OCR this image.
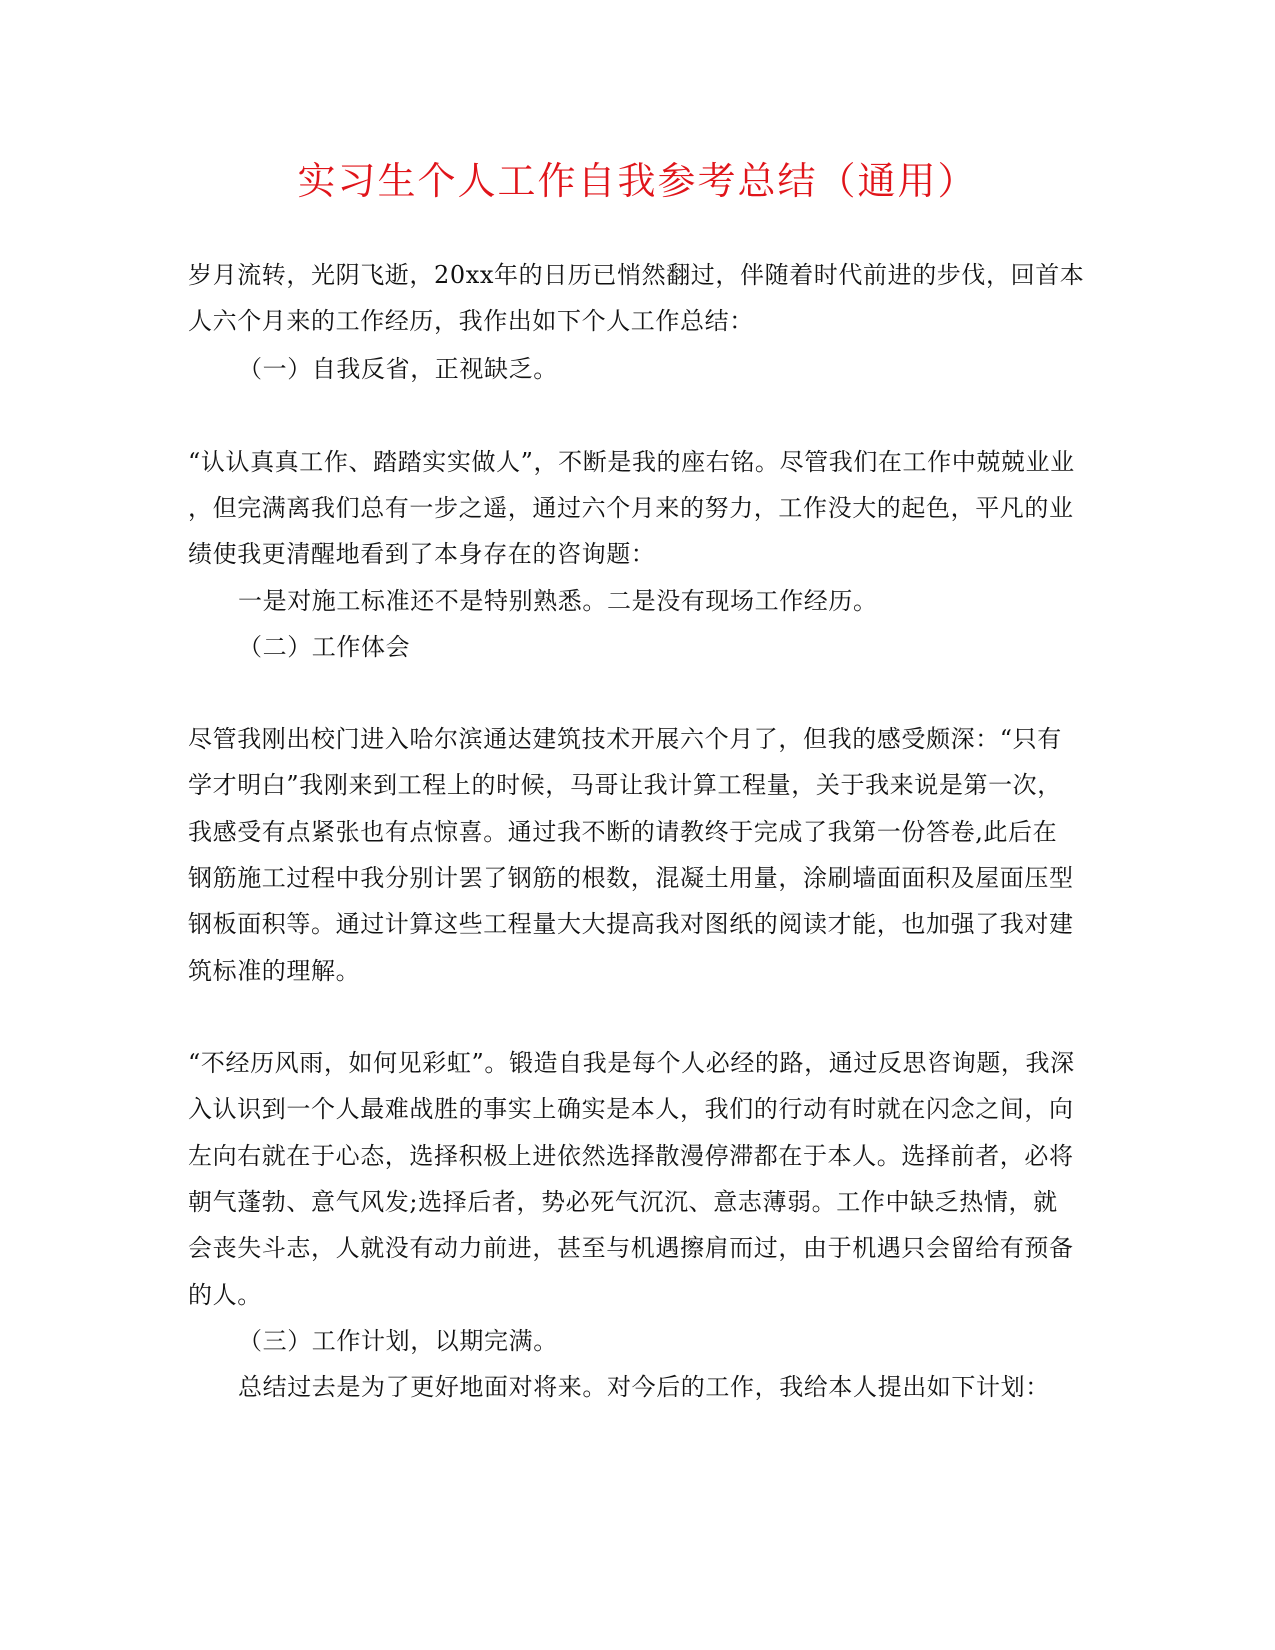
实习生个人工作自我参考总结（通用）
岁月流转，光阴飞逝，20xx年的日历已悄然翻过，伴随着时代前进的步伐，回首本
人六个月来的工作经历，我作出如下个人工作总结：
（一）自我反省，正视缺乏。
“认认真真工作、踏踏实实做人”，不断是我的座右铭。尽管我们在工作中兢兢业业
，但完满离我们总有一步之遥，通过六个月来的努力，工作没大的起色，平凡的业
绩使我更清醒地看到了本身存在的咨询题：
一是对施工标准还不是特别熟悉。二是没有现场工作经历。
（二）工作体会
尽管我刚出校门进入哈尔滨通达建筑技术开展六个月了，但我的感受颇深：“只有
学才明白”我刚来到工程上的时候，马哥让我计算工程量，关于我来说是第一次，
我感受有点紧张也有点惊喜。通过我不断的请教终于完成了我第一份答卷,此后在
钢筋施工过程中我分别计罢了钢筋的根数，混凝土用量，涂刷墙面面积及屋面压型
钢板面积等。通过计算这些工程量大大提高我对图纸的阅读才能，也加强了我对建
筑标准的理解。
“不经历风雨，如何见彩虹”。锻造自我是每个人必经的路，通过反思咨询题，我深
入认识到一个人最难战胜的事实上确实是本人，我们的行动有时就在闪念之间，向
左向右就在于心态，选择积极上进依然选择散漫停滞都在于本人。选择前者，必将
朝气蓬勃、意气风发;选择后者，势必死气沉沉、意志薄弱。工作中缺乏热情，就
会丧失斗志，人就没有动力前进，甚至与机遇擦肩而过，由于机遇只会留给有预备
的人。
（三）工作计划，以期完满。
总结过去是为了更好地面对将来。对今后的工作，我给本人提出如下计划：
